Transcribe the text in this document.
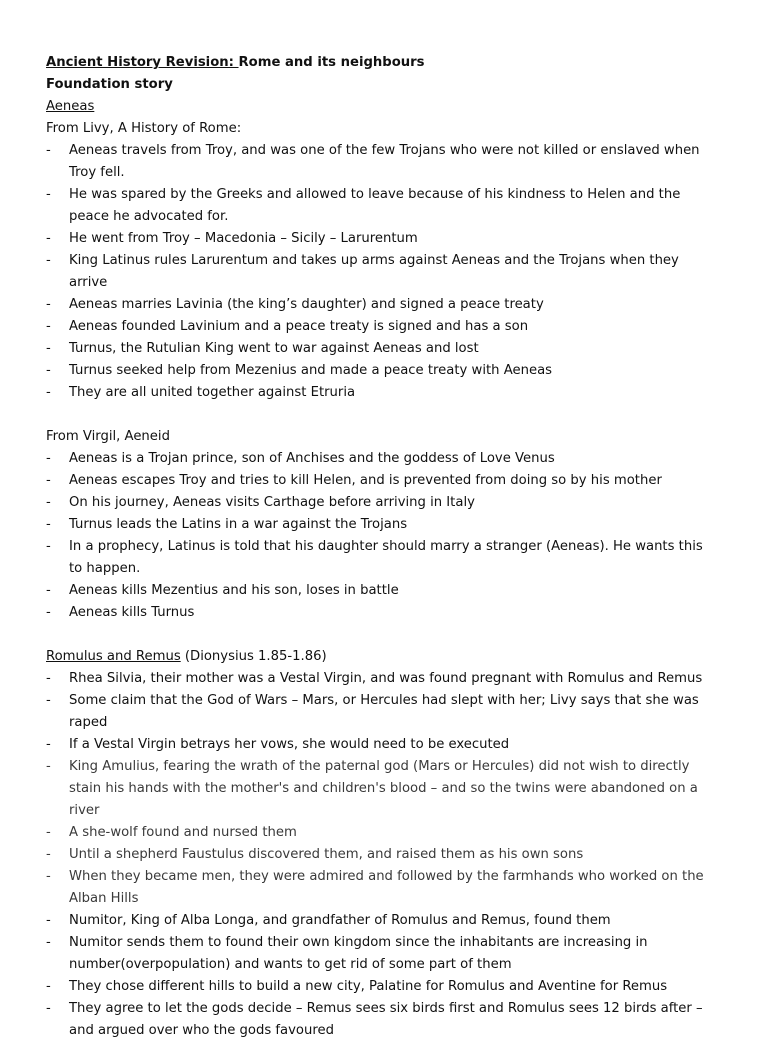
Ancient History Revision: Rome and its neighbours
Foundation story
Aeneas
From Livy, A History of Rome:
- Aeneas travels from Troy, and was one of the few Trojans who were not killed or enslaved when Troy fell.
- He was spared by the Greeks and allowed to leave because of his kindness to Helen and the peace he advocated for.
- He went from Troy – Macedonia – Sicily – Larurentum
- King Latinus rules Larurentum and takes up arms against Aeneas and the Trojans when they arrive
- Aeneas marries Lavinia (the king’s daughter) and signed a peace treaty
- Aeneas founded Lavinium and a peace treaty is signed and has a son
- Turnus, the Rutulian King went to war against Aeneas and lost
- Turnus seeked help from Mezenius and made a peace treaty with Aeneas
- They are all united together against Etruria
From Virgil, Aeneid
- Aeneas is a Trojan prince, son of Anchises and the goddess of Love Venus
- Aeneas escapes Troy and tries to kill Helen, and is prevented from doing so by his mother
- On his journey, Aeneas visits Carthage before arriving in Italy
- Turnus leads the Latins in a war against the Trojans
- In a prophecy, Latinus is told that his daughter should marry a stranger (Aeneas). He wants this to happen.
- Aeneas kills Mezentius and his son, loses in battle
- Aeneas kills Turnus
Romulus and Remus (Dionysius 1.85-1.86)
- Rhea Silvia, their mother was a Vestal Virgin, and was found pregnant with Romulus and Remus
- Some claim that the God of Wars – Mars, or Hercules had slept with her; Livy says that she was raped
- If a Vestal Virgin betrays her vows, she would need to be executed
- King Amulius, fearing the wrath of the paternal god (Mars or Hercules) did not wish to directly stain his hands with the mother's and children's blood – and so the twins were abandoned on a river
- A she-wolf found and nursed them
- Until a shepherd Faustulus discovered them, and raised them as his own sons
- When they became men, they were admired and followed by the farmhands who worked on the Alban Hills
- Numitor, King of Alba Longa, and grandfather of Romulus and Remus, found them
- Numitor sends them to found their own kingdom since the inhabitants are increasing in number(overpopulation) and wants to get rid of some part of them
- They chose different hills to build a new city, Palatine for Romulus and Aventine for Remus
- They agree to let the gods decide – Remus sees six birds first and Romulus sees 12 birds after – and argued over who the gods favoured
